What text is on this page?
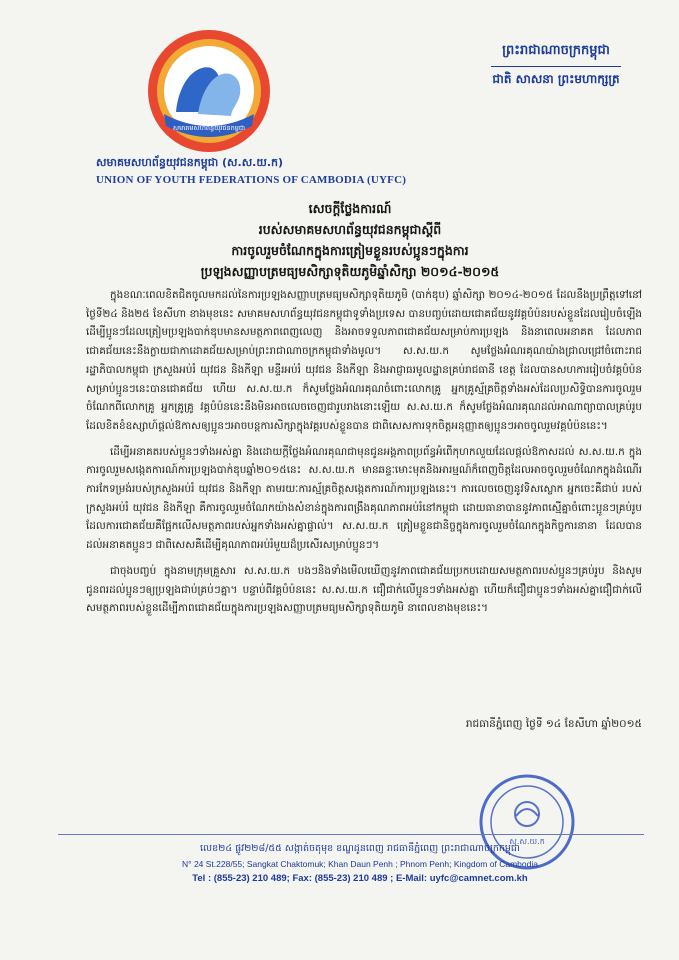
សមាគមសហព័ន្ធយុវជនកម្ពុជា
សមាគមសហព័ន្ធយុវជនកម្ពុជា (ស.ស.យ.ក)
UNION OF YOUTH FEDERATIONS OF CAMBODIA (UYFC)
ព្រះរាជាណាចក្រកម្ពុជា
ជាតិ សាសនា ព្រះមហាក្សត្រ
សេចក្តីថ្លែងការណ៍
របស់សមាគមសហព័ន្ធយុវជនកម្ពុជាស្តីពី
ការចូលរួមចំណែកក្នុងការត្រៀមខ្លួនរបស់ប្អូនៗក្នុងការ
ប្រឡងសញ្ញាបត្រមធ្យមសិក្សាទុតិយភូមិឆ្នាំសិក្សា ២០១៤-២០១៥

ក្នុងខណៈពេលខិតជិតចូលមកដល់នៃការប្រឡងសញ្ញាបត្រមធ្យមសិក្សាទុតិយភូមិ (បាក់ឌុប) ឆ្នាំសិក្សា ២០១៤-២០១៥ ដែលនឹងប្រព្រឹត្តទៅនៅថ្ងៃទី២៤ និង២៥ ខែសីហា ខាងមុខនេះ សមាគមសហព័ន្ធយុវជនកម្ពុជាទូទាំងប្រទេស បានបញ្ចប់ដោយជោគជ័យនូវវគ្គបំប៉នរបស់ខ្លួនដែលរៀបចំឡើងដើម្បីប្អូនៗដែលត្រៀមប្រឡងបាក់ឌុបមានសមត្ថភាពពេញលេញ និងអាចទទួលភាពជោគជ័យសម្រាប់ការប្រឡង និងនាពេលអនាគត ដែលភាពជោគជ័យនេះនឹងក្លាយជាកាដោគជ័យសម្រាប់ព្រះរាជាណាចក្រកម្ពុជាទាំងមូល។ ស.ស.យ.ក សូមថ្លែងអំណរគុណយ៉ាងជ្រាលជ្រៅចំពោះរាជរដ្ឋាភិបាលកម្ពុជា ក្រសួងអប់រំ យុវជន និងកីឡា មន្ទីរអប់រំ យុវជន និងកីឡា និងអាជ្ញាធរមូលដ្ឋានគ្រប់រាជធានី ខេត្ត ដែលបានសហការរៀបចំវគ្គបំប៉នសម្រាប់ប្អូនៗនេះបានជោគជ័យ ហើយ ស.ស.យ.ក ក៏សូមថ្លែងអំណរគុណចំពោះលោកគ្រូ អ្នកគ្រូស្ម័គ្រចិត្តទាំងអស់ដែលប្រសិទ្ធិបានការចូលរួមចំណែកពីលោកគ្រូ អ្នកគ្រូគ្រូ វគ្គបំប៉ននេះនឹងមិនអាចលេចចេញជារូបរាងនោះឡើយ ស.ស.យ.ក ក៏សូមថ្លែងអំណរគុណដល់អាណាព្យាបាលគ្រប់រូបដែលខិតខំឧស្សាហ៍ផ្តល់ឱកាសឲ្យប្អូនៗអាចបន្តការសិក្សាក្នុងវគ្គរបស់ខ្លួនបាន ជាពិសេសការទុកចិត្តអនុញ្ញាតឲ្យប្អូនៗអាចចូលរួមវគ្គបំប៉ននេះ។

ដើម្បីអនាគតរបស់ប្អូនៗទាំងអស់គ្នា និងដោយក្តីថ្លែងអំណរគុណជាមុនជូនអង្គភាពប្រព័ន្ធអំពើកុហកលួយដែលផ្តល់ឱកាសដល់ ស.ស.យ.ក ក្នុងការចូលរួមសង្កេតការណ៍ការប្រឡងបាក់ឌុបឆ្នាំ២០១៥នេះ ស.ស.យ.ក មានឆន្ទៈមោះមុតនិងអារម្មណ៍ក៏ពេញចិត្តដែលអាចចូលរួមចំណែកក្នុងដំណើរការកែទម្រង់របស់ក្រសួងអប់រំ យុវជន និងកីឡា តាមរយៈការស្ម័គ្រចិត្តសង្កេតការណ៍ការប្រឡងនេះ។ ការលេចចេញនូវទិសស្លោក អ្នកចេះគឺជាប់ របស់ក្រសួងអប់រំ យុវជន និងកីឡា គឺការចូលរួមចំណែកយ៉ាងសំខាន់ក្នុងការពង្រឹងគុណភាពអប់រំនៅកម្ពុជា ដោយធានាបាននូវភាពស្មើគ្នាចំពោះប្អូនៗគ្រប់រូបដែលការជោគជ័យគឺផ្អែកលើសមត្ថភាពរបស់អ្នកទាំងអស់គ្នាផ្ទាល់។ ស.ស.យ.ក ត្រៀមខ្លួនជានិច្ចក្នុងការចូលរួមចំណែកក្នុងកិច្ចការនានា ដែលបានដល់អនាគតប្អូនៗ ជាពិសេសគឺដើម្បីគុណភាពអប់រំមួយដ៏ប្រសើរសម្រាប់ប្អូនៗ។

ជាចុងបញ្ចប់ ក្នុងនាមក្រុមគ្រួសារ ស.ស.យ.ក បងៗនិងទាំងមើលឃើញនូវភាពជោគជ័យប្រកបដោយសមត្ថភាពរបស់ប្អូនៗគ្រប់រូប និងសូមជូនពរដល់ប្អូនៗឲ្យប្រឡងជាប់គ្រប់ៗគ្នា។ បន្ទាប់ពីវគ្គបំប៉ននេះ ស.ស.យ.ក ជឿជាក់លើប្អូនៗទាំងអស់គ្នា ហើយក៏ជឿជាប្អូនៗទាំងអស់គ្នាជឿជាក់លើសមត្ថភាពរបស់ខ្លួនដើម្បីភាពជោគជ័យក្នុងការប្រឡងសញ្ញាបត្រមធ្យមសិក្សាទុតិយភូមិ នាពេលខាងមុខនេះ។

រាជធានីភ្នំពេញ ថ្ងៃទី ១៤ ខែសីហា ឆ្នាំ២០១៥
ស.ស.យ.ក
លេខ២៤ ផ្លូវ២២៨/៥៥ សង្កាត់ចតុមុខ ខណ្ឌដូនពេញ រាជធានីភ្នំពេញ ព្រះរាជាណាចក្រកម្ពុជា
N° 24 St.228/55; Sangkat Chaktomuk; Khan Daun Penh ; Phnom Penh; Kingdom of Cambodia
Tel : (855-23) 210 489; Fax: (855-23) 210 489 ; E-Mail: uyfc@camnet.com.kh
